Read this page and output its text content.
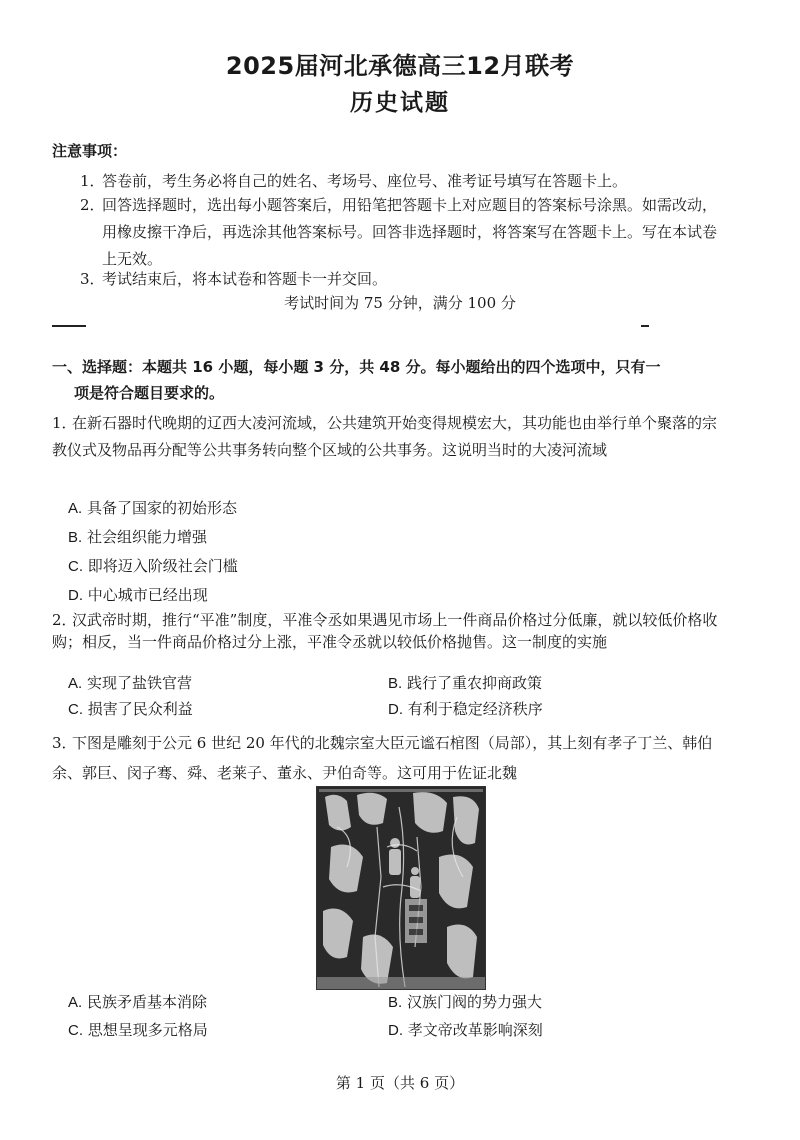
2025届河北承德高三12月联考
历史试题
注意事项：
1．答卷前，考生务必将自己的姓名、考场号、座位号、准考证号填写在答题卡上。
2．回答选择题时，选出每小题答案后，用铅笔把答题卡上对应题目的答案标号涂黑。如需改动，用橡皮擦干净后，再选涂其他答案标号。回答非选择题时，将答案写在答题卡上。写在本试卷上无效。
3．考试结束后，将本试卷和答题卡一并交回。
考试时间为 75 分钟，满分 100 分
一、选择题：本题共 16 小题，每小题 3 分，共 48 分。每小题给出的四个选项中，只有一
项是符合题目要求的。
1．在新石器时代晚期的辽西大凌河流域，公共建筑开始变得规模宏大，其功能也由举行单个聚落的宗教仪式及物品再分配等公共事务转向整个区域的公共事务。这说明当时的大凌河流域
A. 具备了国家的初始形态
B. 社会组织能力增强
C. 即将迈入阶级社会门槛
D. 中心城市已经出现
2．汉武帝时期，推行“平准”制度，平准令丞如果遇见市场上一件商品价格过分低廉，就以较低价格收购；相反，当一件商品价格过分上涨，平准令丞就以较低价格抛售。这一制度的实施
A. 实现了盐铁官营	B. 践行了重农抑商政策
C. 损害了民众利益	D. 有利于稳定经济秩序
3．下图是雕刻于公元 6 世纪 20 年代的北魏宗室大臣元谧石棺图（局部），其上刻有孝子丁兰、韩伯余、郭巨、闵子骞、舜、老莱子、董永、尹伯奇等。这可用于佐证北魏
A. 民族矛盾基本消除	B. 汉族门阀的势力强大
C. 思想呈现多元格局	D. 孝文帝改革影响深刻
第 1 页（共 6 页）
